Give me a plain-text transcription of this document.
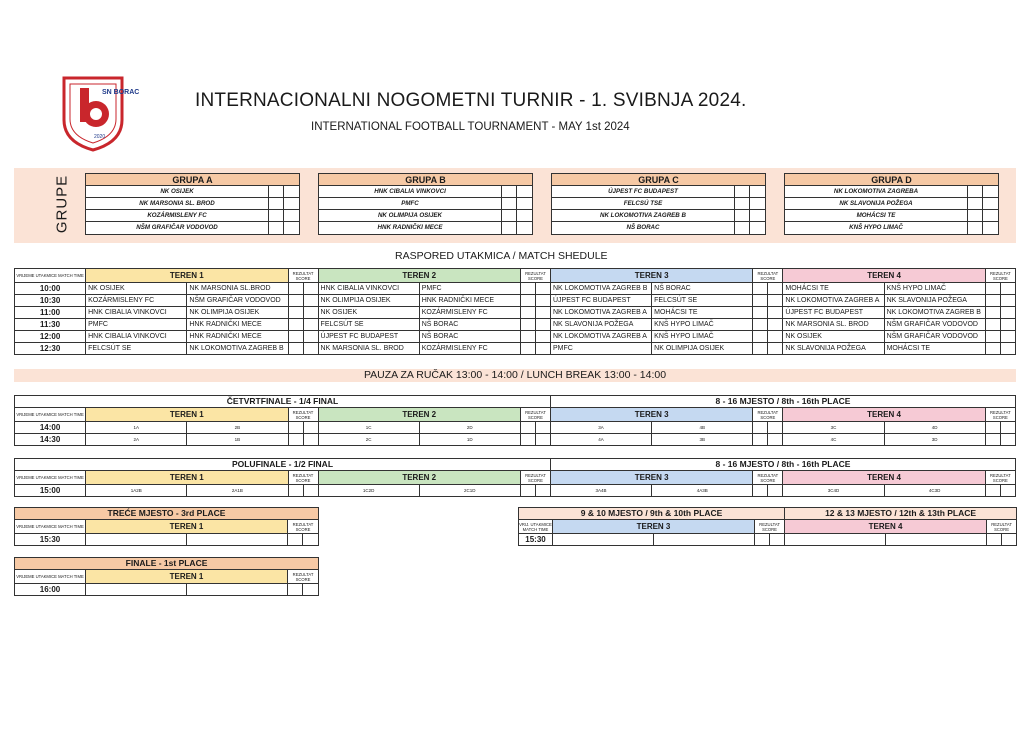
SN BORAC
2020
INTERNACIONALNI NOGOMETNI TURNIR - 1. SVIBNJA 2024.
INTERNATIONAL FOOTBALL TOURNAMENT - MAY 1st 2024
GRUPE	GRUPA A
NK OSIJEK
NK MARSONIA SL. BROD
KOZÁRMISLENY FC
NŠM GRAFIČAR VODOVOD
GRUPA B
HNK CIBALIA VINKOVCI
PMFC
NK OLIMPIJA OSIJEK
HNK RADNIČKI MECE
GRUPA C
ÚJPEST FC BUDAPEST
FELCSÚ TSE
NK LOKOMOTIVA ZAGREB B
NŠ BORAC
GRUPA D
NK LOKOMOTIVA ZAGREBA
NK SLAVONIJA POŽEGA
MOHÁCSI TE
KNŠ HYPO LIMAČ
RASPORED UTAKMICA / MATCH SHEDULE
VRIJEME UTAKMICE MATCH TIME	TEREN 1		REZULTAT SCORE		TEREN 2		REZULTAT SCORE		TEREN 3		REZULTAT SCORE		TEREN 4		REZULTAT SCORE	
10:00	NK OSIJEK	NK MARSONIA SL.BROD			HNK CIBALIA VINKOVCI	PMFC			NK LOKOMOTIVA ZAGREB B	NŠ BORAC			MOHÁCSI TE	KNŠ HYPO LIMAČ		
10:30	KOZÁRMISLENY FC	NŠM GRAFIČAR VODOVOD			NK OLIMPIJA OSIJEK	HNK RADNIČKI MECE			ÚJPEST FC BUDAPEST	FELCSÚT SE			NK LOKOMOTIVA ZAGREB A	NK SLAVONIJA POŽEGA		
11:00	HNK CIBALIA VINKOVCI	NK OLIMPIJA OSIJEK			NK OSIJEK	KOZÁRMISLENY FC			NK LOKOMOTIVA ZAGREB A	MOHÁCSI TE			ÚJPEST FC BUDAPEST	NK LOKOMOTIVA ZAGREB B		
11:30	PMFC	HNK RADNIČKI MECE			FELCSÚT SE	NŠ BORAC			NK SLAVONIJA POŽEGA	KNŠ HYPO LIMAČ			NK MARSONIA SL. BROD	NŠM GRAFIČAR VODOVOD		
12:00	HNK CIBALIA VINKOVCI	HNK RADNIČKI MECE			ÚJPEST FC BUDAPEST	NŠ BORAC			NK LOKOMOTIVA ZAGREB A	KNŠ HYPO LIMAČ			NK OSIJEK	NŠM GRAFIČAR VODOVOD		
12:30	FELCSÚT SE	NK LOKOMOTIVA ZAGREB B			NK MARSONIA SL. BROD	KOZÁRMISLENY FC			PMFC	NK OLIMPIJA OSIJEK			NK SLAVONIJA POŽEGA	MOHÁCSI TE		
PAUZA ZA RUČAK 13:00 - 14:00 / LUNCH BREAK 13:00 - 14:00
ČETVRTFINALE - 1/4 FINAL									8 - 16 MJESTO / 8th - 16th PLACE							
VRIJEME UTAKMICE MATCH TIME	TEREN 1		REZULTAT SCORE		TEREN 2		REZULTAT SCORE		TEREN 3		REZULTAT SCORE		TEREN 4		REZULTAT SCORE	
14:00	1A	2B			1C	2D			3A	4B			3C	4D		
14:30	2A	1B			2C	1D			4A	3B			4C	3D		
POLUFINALE - 1/2 FINAL									8 - 16 MJESTO / 8th - 16th PLACE							
VRIJEME UTAKMICE MATCH TIME	TEREN 1		REZULTAT SCORE		TEREN 2		REZULTAT SCORE		TEREN 3		REZULTAT SCORE		TEREN 4		REZULTAT SCORE	
15:00	1A2B	2A1B			1C2D	2C1D			3A4B	4A3B			3C4D	4C3D		
TREĆE MJESTO - 3rd PLACE				
VRIJEME UTAKMICE MATCH TIME	TEREN 1		REZULTAT SCORE	
15:30				
9 & 10 MJESTO / 9th & 10th PLACE					12 & 13 MJESTO / 12th & 13th PLACE			
VRIJ. UTAKMICE MATCH TIME	TEREN 3		REZULTAT SCORE		TEREN 4		REZULTAT SCORE	
15:30								
FINALE - 1st PLACE				
VRIJEME UTAKMICE MATCH TIME	TEREN 1		REZULTAT SCORE	
16:00				
